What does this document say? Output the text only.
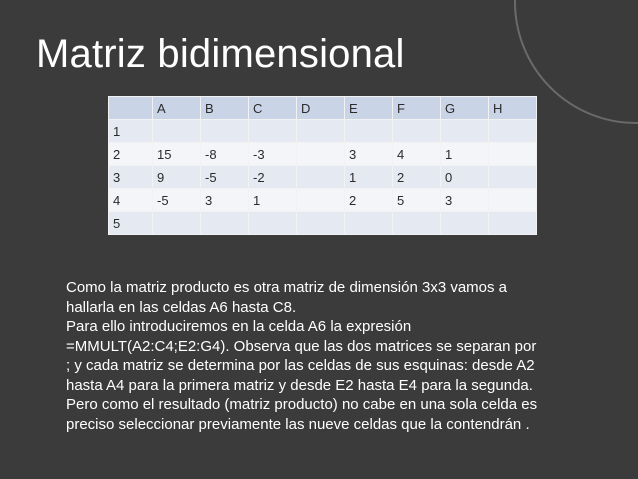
Matriz bidimensional
	A	B	C	D	E	F	G	H
1								
2	15	-8	-3		3	4	1	
3	9	-5	-2		1	2	0	
4	-5	3	1		2	5	3	
5								

Como la matriz producto es otra matriz de dimensión 3x3 vamos a

hallarla en las celdas A6 hasta C8.

Para ello introduciremos en la celda A6 la expresión

=MMULT(A2:C4;E2:G4). Observa que las dos matrices se separan por

; y cada matriz se determina por las celdas de sus esquinas: desde A2

hasta A4 para la primera matriz y desde E2 hasta E4 para la segunda.

Pero como el resultado (matriz producto) no cabe en una sola celda es

preciso seleccionar previamente las nueve celdas que la contendrán .
